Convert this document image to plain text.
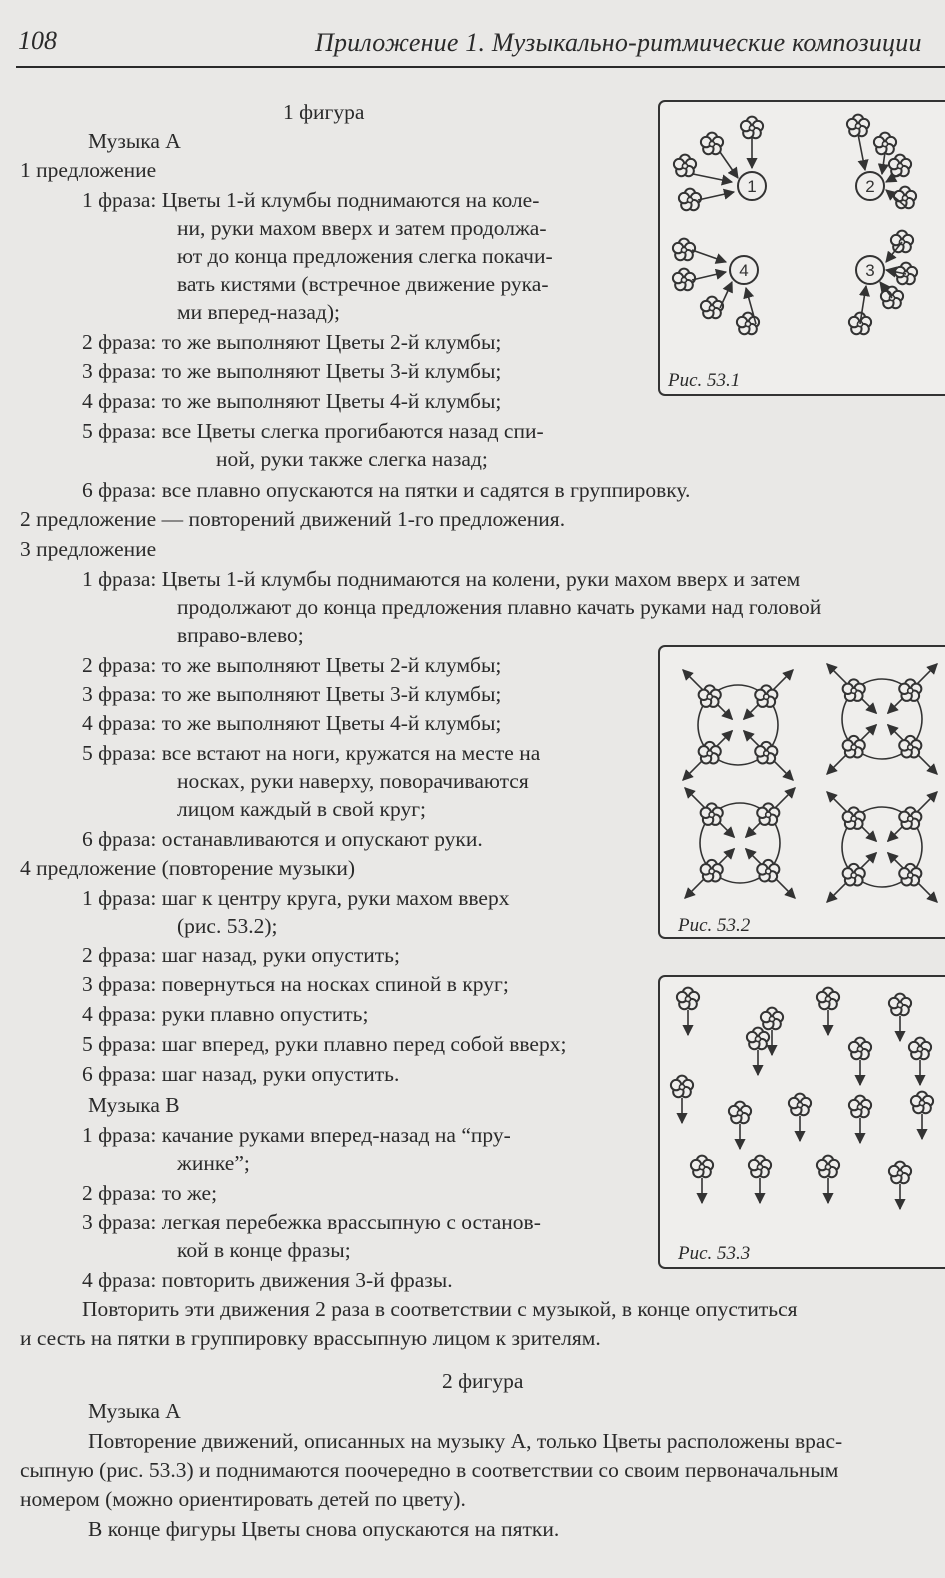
108	Приложение 1. Музыкально-ритмические композиции
1 фигура
Музыка А
1 предложение
1 фраза: Цветы 1-й клумбы поднимаются на коле-
ни, руки махом вверх и затем продолжа-
ют до конца предложения слегка покачи-
вать кистями (встречное движение рука-
ми вперед-назад);
2 фраза: то же выполняют Цветы 2-й клумбы;
3 фраза: то же выполняют Цветы 3-й клумбы;
4 фраза: то же выполняют Цветы 4-й клумбы;
5 фраза: все Цветы слегка прогибаются назад спи-
ной, руки также слегка назад;
6 фраза: все плавно опускаются на пятки и садятся в группировку.
2 предложение — повторений движений 1-го предложения.
3 предложение
1 фраза: Цветы 1-й клумбы поднимаются на колени, руки махом вверх и затем
продолжают до конца предложения плавно качать руками над головой
вправо-влево;
2 фраза: то же выполняют Цветы 2-й клумбы;
3 фраза: то же выполняют Цветы 3-й клумбы;
4 фраза: то же выполняют Цветы 4-й клумбы;
5 фраза: все встают на ноги, кружатся на месте на
носках, руки наверху, поворачиваются
лицом каждый в свой круг;
6 фраза: останавливаются и опускают руки.
4 предложение (повторение музыки)
1 фраза: шаг к центру круга, руки махом вверх
(рис. 53.2);
2 фраза: шаг назад, руки опустить;
3 фраза: повернуться на носках спиной в круг;
4 фраза: руки плавно опустить;
5 фраза: шаг вперед, руки плавно перед собой вверх;
6 фраза: шаг назад, руки опустить.
Музыка В
1 фраза: качание руками вперед-назад на “пру-
жинке”;
2 фраза: то же;
3 фраза: легкая перебежка врассыпную с останов-
кой в конце фразы;
4 фраза: повторить движения 3-й фразы.
Повторить эти движения 2 раза в соответствии с музыкой, в конце опуститься
и сесть на пятки в группировку врассыпную лицом к зрителям.
2 фигура
Музыка А
Повторение движений, описанных на музыку А, только Цветы расположены врас-
сыпную (рис. 53.3) и поднимаются поочередно в соответствии со своим первоначальным
номером (можно ориентировать детей по цвету).
В конце фигуры Цветы снова опускаются на пятки.
1	2
3
4
Рис. 53.1
Рис. 53.2
Рис. 53.3
